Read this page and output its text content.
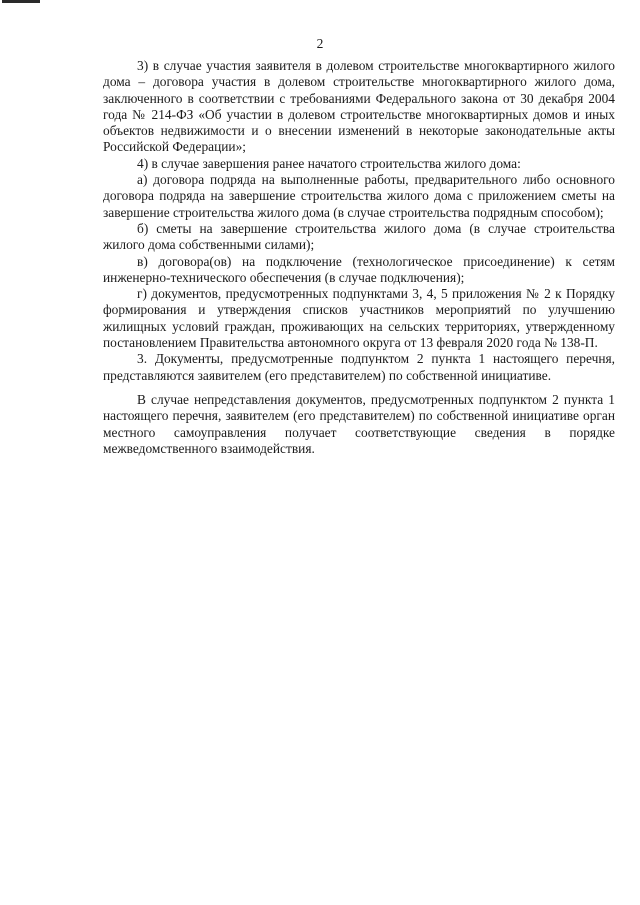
2

3) в случае участия заявителя в долевом строительстве многоквартирного жилого дома – договора участия в долевом строительстве многоквартирного жилого дома, заключенного в соответствии с требованиями Федерального закона от 30 декабря 2004 года № 214-ФЗ «Об участии в долевом строительстве многоквартирных домов и иных объектов недвижимости и о внесении изменений в некоторые законодательные акты Российской Федерации»;

4) в случае завершения ранее начатого строительства жилого дома:

а) договора подряда на выполненные работы, предварительного либо основного договора подряда на завершение строительства жилого дома с приложением сметы на завершение строительства жилого дома (в случае строительства подрядным способом);

б) сметы на завершение строительства жилого дома (в случае строительства жилого дома собственными силами);

в) договора(ов) на подключение (технологическое присоединение) к сетям инженерно-технического обеспечения (в случае подключения);

г) документов, предусмотренных подпунктами 3, 4, 5 приложения № 2 к Порядку формирования и утверждения списков участников мероприятий по улучшению жилищных условий граждан, проживающих на сельских территориях, утвержденному постановлением Правительства автономного округа от 13 февраля 2020 года № 138-П.

3. Документы, предусмотренные подпунктом 2 пункта 1 настоящего перечня, представляются заявителем (его представителем) по собственной инициативе.

В случае непредставления документов, предусмотренных подпунктом 2 пункта 1 настоящего перечня, заявителем (его представителем) по собственной инициативе орган местного самоуправления получает соответствующие сведения в порядке межведомственного взаимодействия.
